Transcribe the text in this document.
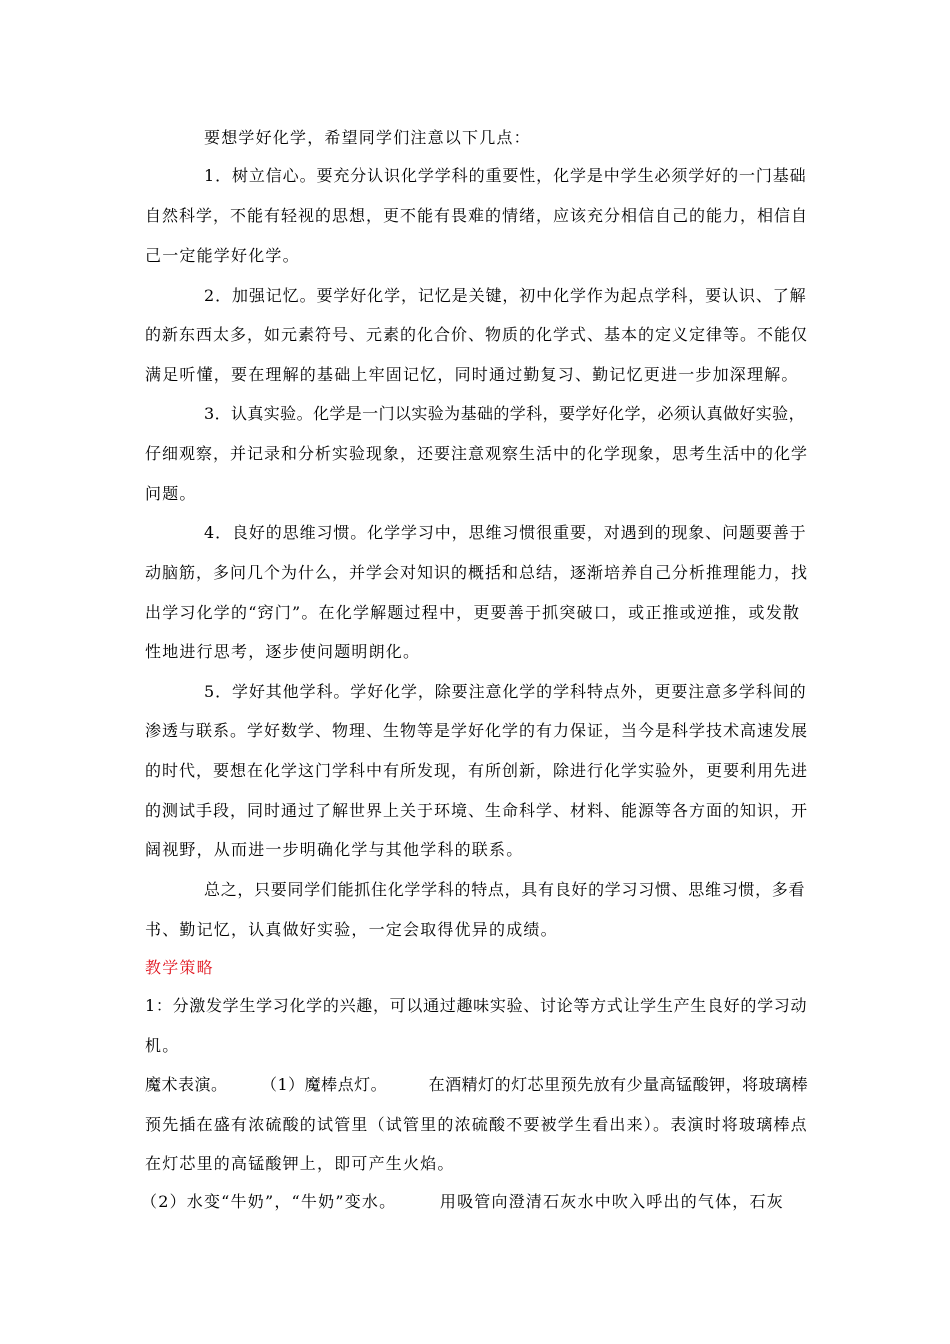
要想学好化学，希望同学们注意以下几点：
1．树立信心。要充分认识化学学科的重要性，化学是中学生必须学好的一门基础
自然科学，不能有轻视的思想，更不能有畏难的情绪，应该充分相信自己的能力，相信自
己一定能学好化学。
2．加强记忆。要学好化学，记忆是关键，初中化学作为起点学科，要认识、了解
的新东西太多，如元素符号、元素的化合价、物质的化学式、基本的定义定律等。不能仅
满足听懂，要在理解的基础上牢固记忆，同时通过勤复习、勤记忆更进一步加深理解。
3．认真实验。化学是一门以实验为基础的学科，要学好化学，必须认真做好实验，
仔细观察，并记录和分析实验现象，还要注意观察生活中的化学现象，思考生活中的化学
问题。
4．良好的思维习惯。化学学习中，思维习惯很重要，对遇到的现象、问题要善于
动脑筋，多问几个为什么，并学会对知识的概括和总结，逐渐培养自己分析推理能力，找
出学习化学的“窍门”。在化学解题过程中，更要善于抓突破口，或正推或逆推，或发散
性地进行思考，逐步使问题明朗化。
5．学好其他学科。学好化学，除要注意化学的学科特点外，更要注意多学科间的
渗透与联系。学好数学、物理、生物等是学好化学的有力保证，当今是科学技术高速发展
的时代，要想在化学这门学科中有所发现，有所创新，除进行化学实验外，更要利用先进
的测试手段，同时通过了解世界上关于环境、生命科学、材料、能源等各方面的知识，开
阔视野，从而进一步明确化学与其他学科的联系。
总之，只要同学们能抓住化学学科的特点，具有良好的学习习惯、思维习惯，多看
书、勤记忆，认真做好实验，一定会取得优异的成绩。
教学策略
1：分激发学生学习化学的兴趣，可以通过趣味实验、讨论等方式让学生产生良好的学习动
机。
魔术表演。　　　（1）魔棒点灯。　　　在酒精灯的灯芯里预先放有少量高锰酸钾，将玻璃棒
预先插在盛有浓硫酸的试管里（试管里的浓硫酸不要被学生看出来）。表演时将玻璃棒点
在灯芯里的高锰酸钾上，即可产生火焰。
（2）水变“牛奶”，“牛奶”变水。　　　用吸管向澄清石灰水中吹入呼出的气体，石灰
